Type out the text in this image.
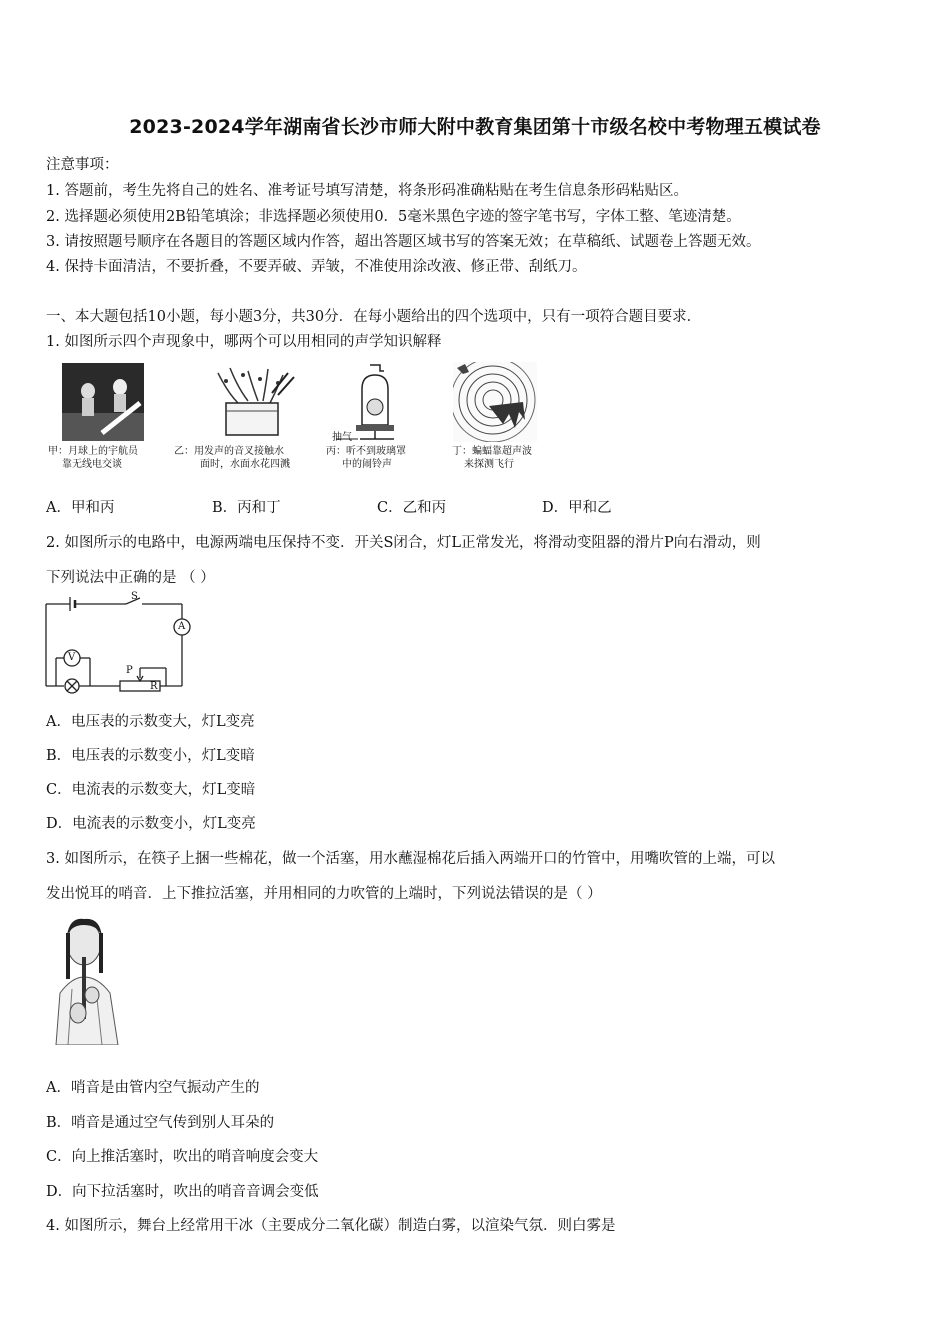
2023-2024学年湖南省长沙市师大附中教育集团第十市级名校中考物理五模试卷
注意事项：
1. 答题前，考生先将自己的姓名、准考证号填写清楚，将条形码准确粘贴在考生信息条形码粘贴区。
2. 选择题必须使用2B铅笔填涂；非选择题必须使用0．5毫米黑色字迹的签字笔书写，字体工整、笔迹清楚。
3. 请按照题号顺序在各题目的答题区域内作答，超出答题区域书写的答案无效；在草稿纸、试题卷上答题无效。
4. 保持卡面清洁，不要折叠，不要弄破、弄皱，不准使用涂改液、修正带、刮纸刀。
一、本大题包括10小题，每小题3分，共30分．在每小题给出的四个选项中，只有一项符合题目要求．
1. 如图所示四个声现象中，哪两个可以用相同的声学知识解释
甲：月球上的宇航员
靠无线电交谈
乙：用发声的音叉接触水
面时，水面水花四溅
抽气
丙：听不到玻璃罩
中的闹铃声
丁：蝙蝠靠超声波
来探测飞行
A．甲和丙	B．丙和丁	C．乙和丙	D．甲和乙
2. 如图所示的电路中，电源两端电压保持不变．开关S闭合，灯L正常发光，将滑动变阻器的滑片P向右滑动，则
下列说法中正确的是 （ ）
S
A
V
P
R
A．电压表的示数变大，灯L变亮
B．电压表的示数变小，灯L变暗
C．电流表的示数变大，灯L变暗
D．电流表的示数变小，灯L变亮
3. 如图所示，在筷子上捆一些棉花，做一个活塞，用水蘸湿棉花后插入两端开口的竹管中，用嘴吹管的上端，可以
发出悦耳的哨音．上下推拉活塞，并用相同的力吹管的上端时，下列说法错误的是（ ）
A．哨音是由管内空气振动产生的
B．哨音是通过空气传到别人耳朵的
C．向上推活塞时，吹出的哨音响度会变大
D．向下拉活塞时，吹出的哨音音调会变低
4. 如图所示，舞台上经常用干冰（主要成分二氧化碳）制造白雾，以渲染气氛．则白雾是
